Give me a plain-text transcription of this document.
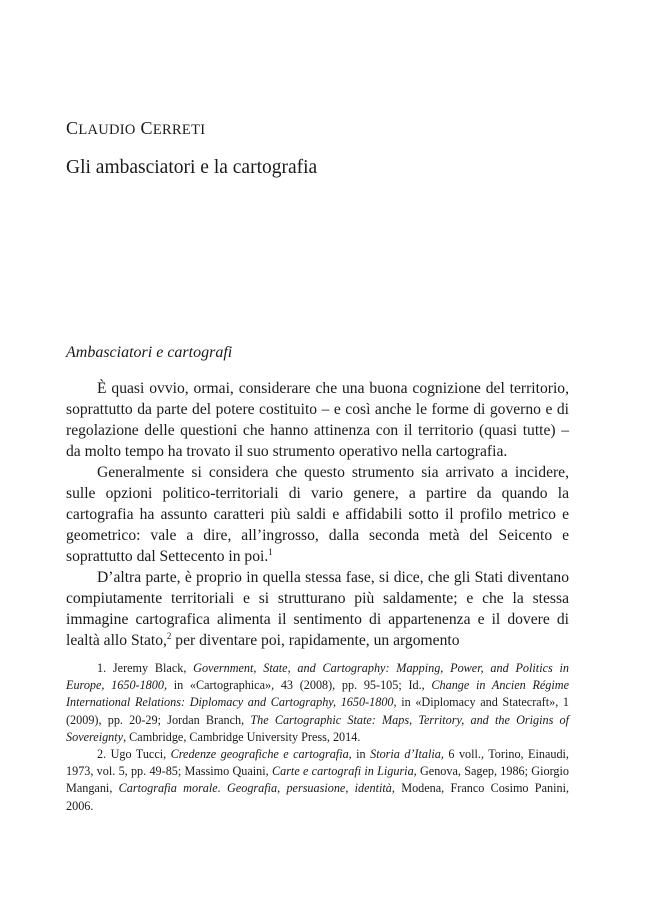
CLAUDIO CERRETI
Gli ambasciatori e la cartografia
Ambasciatori e cartografi

È quasi ovvio, ormai, considerare che una buona cognizione del territorio, soprattutto da parte del potere costituito – e così anche le forme di governo e di regolazione delle questioni che hanno attinenza con il territorio (quasi tutte) – da molto tempo ha trovato il suo strumento operativo nella cartografia.

Generalmente si considera che questo strumento sia arrivato a incidere, sulle opzioni politico-territoriali di vario genere, a partire da quando la cartografia ha assunto caratteri più saldi e affidabili sotto il profilo metrico e geometrico: vale a dire, all’ingrosso, dalla seconda metà del Seicento e soprattutto dal Settecento in poi.$^1$

D’altra parte, è proprio in quella stessa fase, si dice, che gli Stati diventano compiutamente territoriali e si strutturano più saldamente; e che la stessa immagine cartografica alimenta il sentimento di appartenenza e il dovere di lealtà allo Stato,$^2$ per diventare poi, rapidamente, un argomento

1. Jeremy Black, Government, State, and Cartography: Mapping, Power, and Politics in Europe, 1650-1800, in «Cartographica», 43 (2008), pp. 95-105; Id., Change in Ancien Régime International Relations: Diplomacy and Cartography, 1650-1800, in «Diplomacy and Statecraft», 1 (2009), pp. 20-29; Jordan Branch, The Cartographic State: Maps, Territory, and the Origins of Sovereignty, Cambridge, Cambridge University Press, 2014.

2. Ugo Tucci, Credenze geografiche e cartografia, in Storia d’Italia, 6 voll., Torino, Einaudi, 1973, vol. 5, pp. 49-85; Massimo Quaini, Carte e cartografi in Liguria, Genova, Sagep, 1986; Giorgio Mangani, Cartografia morale. Geografia, persuasione, identità, Modena, Franco Cosimo Panini, 2006.
